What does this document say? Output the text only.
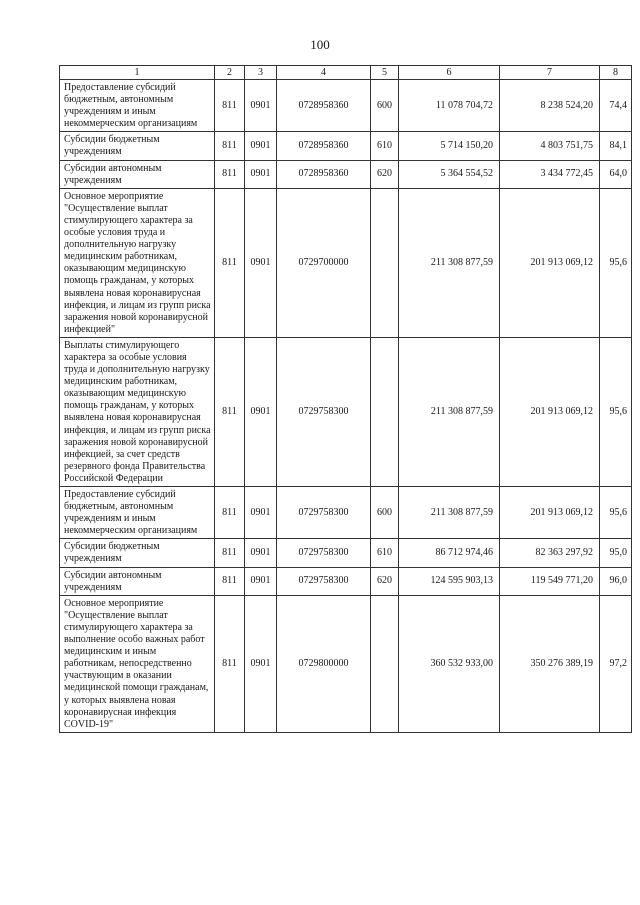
100
1	2	3	4	5	6	7	8
Предоставление субсидий бюджетным, автономным учреждениям и иным некоммерческим организациям	811	0901	0728958360	600	11 078 704,72	8 238 524,20	74,4
Субсидии бюджетным учреждениям	811	0901	0728958360	610	5 714 150,20	4 803 751,75	84,1
Субсидии автономным учреждениям	811	0901	0728958360	620	5 364 554,52	3 434 772,45	64,0
Основное мероприятие "Осуществление выплат стимулирующего характера за особые условия труда и дополнительную нагрузку медицинским работникам, оказывающим медицинскую помощь гражданам, у которых выявлена новая коронавирусная инфекция, и лицам из групп риска заражения новой коронавирусной инфекцией"	811	0901	0729700000		211 308 877,59	201 913 069,12	95,6
Выплаты стимулирующего характера за особые условия труда и дополнительную нагрузку медицинским работникам, оказывающим медицинскую помощь гражданам, у которых выявлена новая коронавирусная инфекция, и лицам из групп риска заражения новой коронавирусной инфекцией, за счет средств резервного фонда Правительства Российской Федерации	811	0901	0729758300		211 308 877,59	201 913 069,12	95,6
Предоставление субсидий бюджетным, автономным учреждениям и иным некоммерческим организациям	811	0901	0729758300	600	211 308 877,59	201 913 069,12	95,6
Субсидии бюджетным учреждениям	811	0901	0729758300	610	86 712 974,46	82 363 297,92	95,0
Субсидии автономным учреждениям	811	0901	0729758300	620	124 595 903,13	119 549 771,20	96,0
Основное мероприятие "Осуществление выплат стимулирующего характера за выполнение особо важных работ медицинским и иным работникам, непосредственно участвующим в оказании медицинской помощи гражданам, у которых выявлена новая коронавирусная инфекция COVID-19"	811	0901	0729800000		360 532 933,00	350 276 389,19	97,2
